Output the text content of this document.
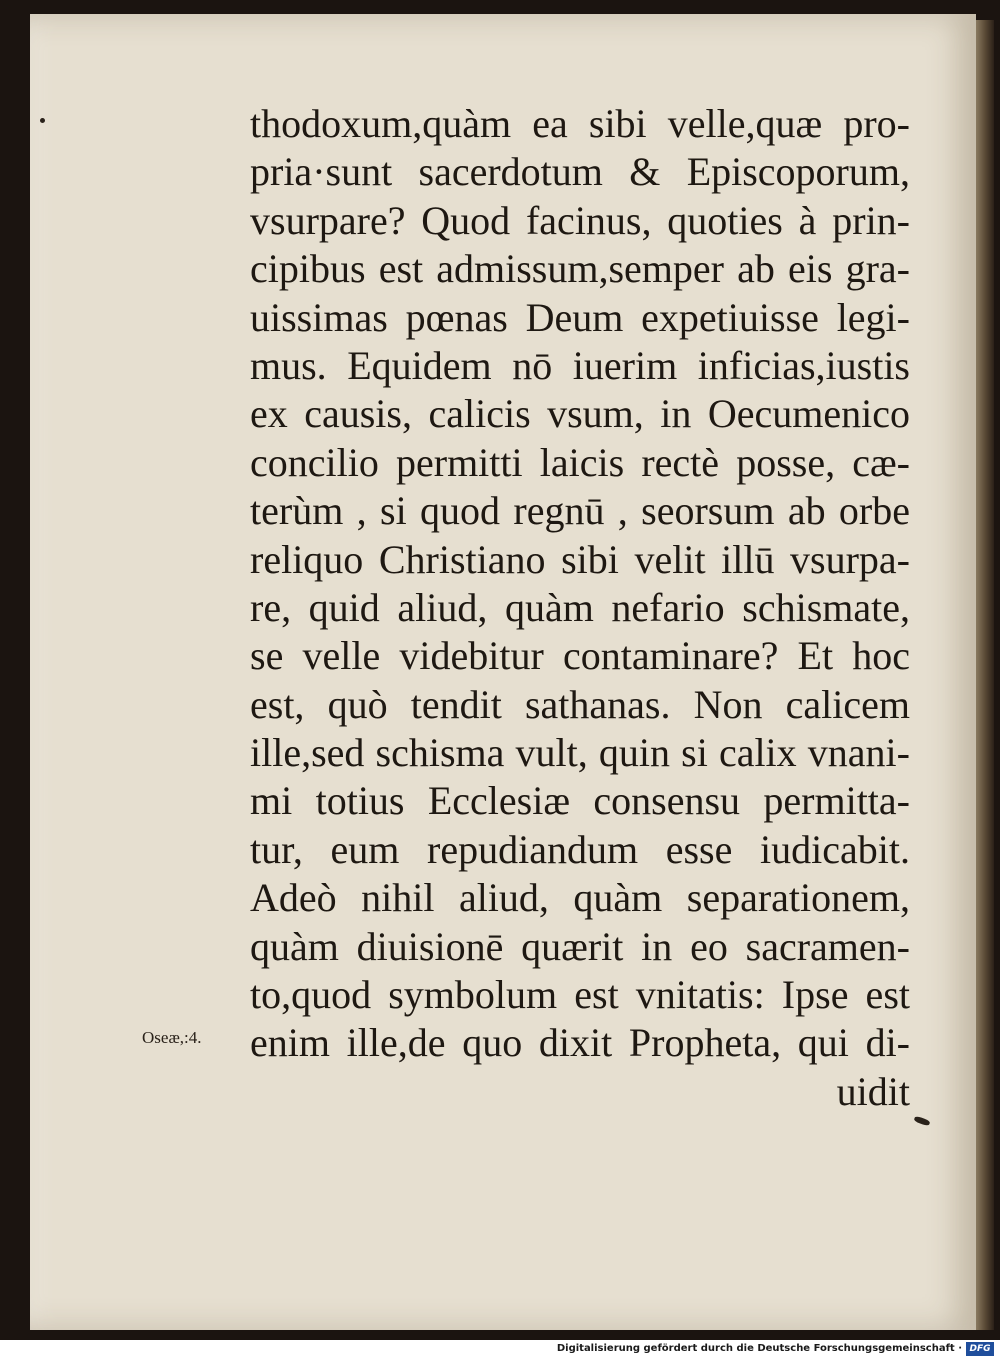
thodoxum,quàm ea sibi velle,quæ pro-
pria·sunt sacerdotum & Episcoporum,
vsurpare? Quod facinus, quoties à prin-
cipibus est admissum,semper ab eis gra-
uissimas pœnas Deum expetiuisse legi-
mus. Equidem nō iuerim inficias,iustis
ex causis, calicis vsum, in Oecumenico
concilio permitti laicis rectè posse, cæ-
terùm , si quod regnū , seorsum ab orbe
reliquo Christiano sibi velit illū vsurpa-
re, quid aliud, quàm nefario schismate,
se velle videbitur contaminare? Et hoc
est, quò tendit sathanas. Non calicem
ille,sed schisma vult, quin si calix vnani-
mi totius Ecclesiæ consensu permitta-
tur, eum repudiandum esse iudicabit.
Adeò nihil aliud, quàm separationem,
quàm diuisionē quærit in eo sacramen-
to,quod symbolum est vnitatis: Ipse est
enim ille,de quo dixit Propheta, qui di-
uidit
Oseæ,:4.
Digitalisierung gefördert durch die Deutsche Forschungsgemeinschaft · DFG
